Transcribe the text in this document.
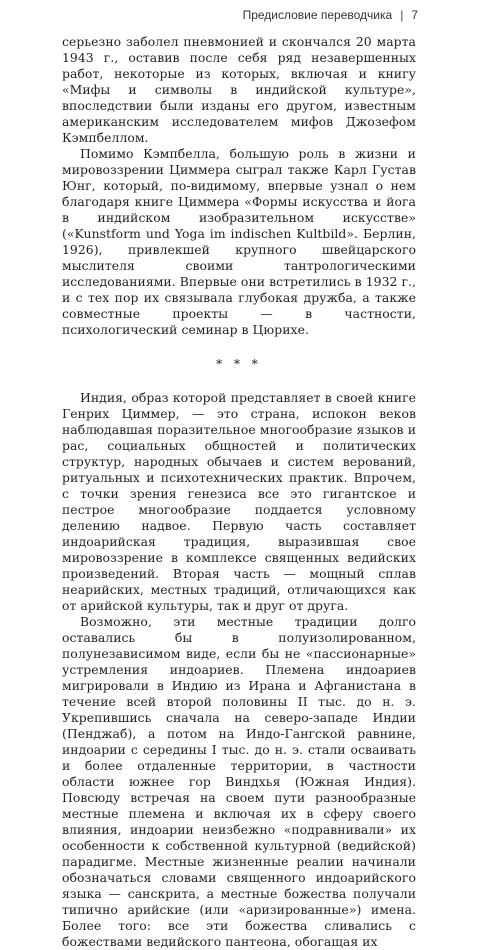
Предисловие переводчика | 7

серьезно заболел пневмонией и скончался 20 марта 1943 г., оставив после себя ряд незавершенных работ, некоторые из которых, включая и книгу «Мифы и символы в индийской культуре», впоследствии были изданы его другом, известным американским исследователем мифов Джозефом Кэмпбеллом.

Помимо Кэмпбелла, большую роль в жизни и мировоззрении Циммера сыграл также Карл Густав Юнг, который, по-видимому, впервые узнал о нем благодаря книге Циммера «Формы искусства и йога в индийском изобразительном искусстве» («Kunstform und Yoga im indischen Kultbild». Берлин, 1926), привлекшей крупного швейцарского мыслителя своими тантрологическими исследованиями. Впервые они встретились в 1932 г., и с тех пор их связывала глубокая дружба, а также совместные проекты — в частности, психологический семинар в Цюрихе.

* * *

Индия, образ которой представляет в своей книге Генрих Циммер, — это страна, испокон веков наблюдавшая поразительное многообразие языков и рас, социальных общностей и политических структур, народных обычаев и систем верований, ритуальных и психотехнических практик. Впрочем, с точки зрения генезиса все это гигантское и пестрое многообразие поддается условному делению надвое. Первую часть составляет индоарийская традиция, выразившая свое мировоззрение в комплексе священных ведийских произведений. Вторая часть — мощный сплав неарийских, местных традиций, отличающихся как от арийской культуры, так и друг от друга.

Возможно, эти местные традиции долго оставались бы в полуизолированном, полунезависимом виде, если бы не «пассионарные» устремления индоариев. Племена индоариев мигрировали в Индию из Ирана и Афганистана в течение всей второй половины II тыс. до н. э. Укрепившись сначала на северо-западе Индии (Пенджаб), а потом на Индо-Гангской равнине, индоарии с середины I тыс. до н. э. стали осваивать и более отдаленные территории, в частности области южнее гор Виндхья (Южная Индия). Повсюду встречая на своем пути разнообразные местные племена и включая их в сферу своего влияния, индоарии неизбежно «подравнивали» их особенности к собственной культурной (ведийской) парадигме. Местные жизненные реалии начинали обозначаться словами священного индоарийского языка — санскрита, а местные божества получали типично арийские (или «аризированные») имена. Более того: все эти божества сливались с божествами ведийского пантеона, обогащая их
